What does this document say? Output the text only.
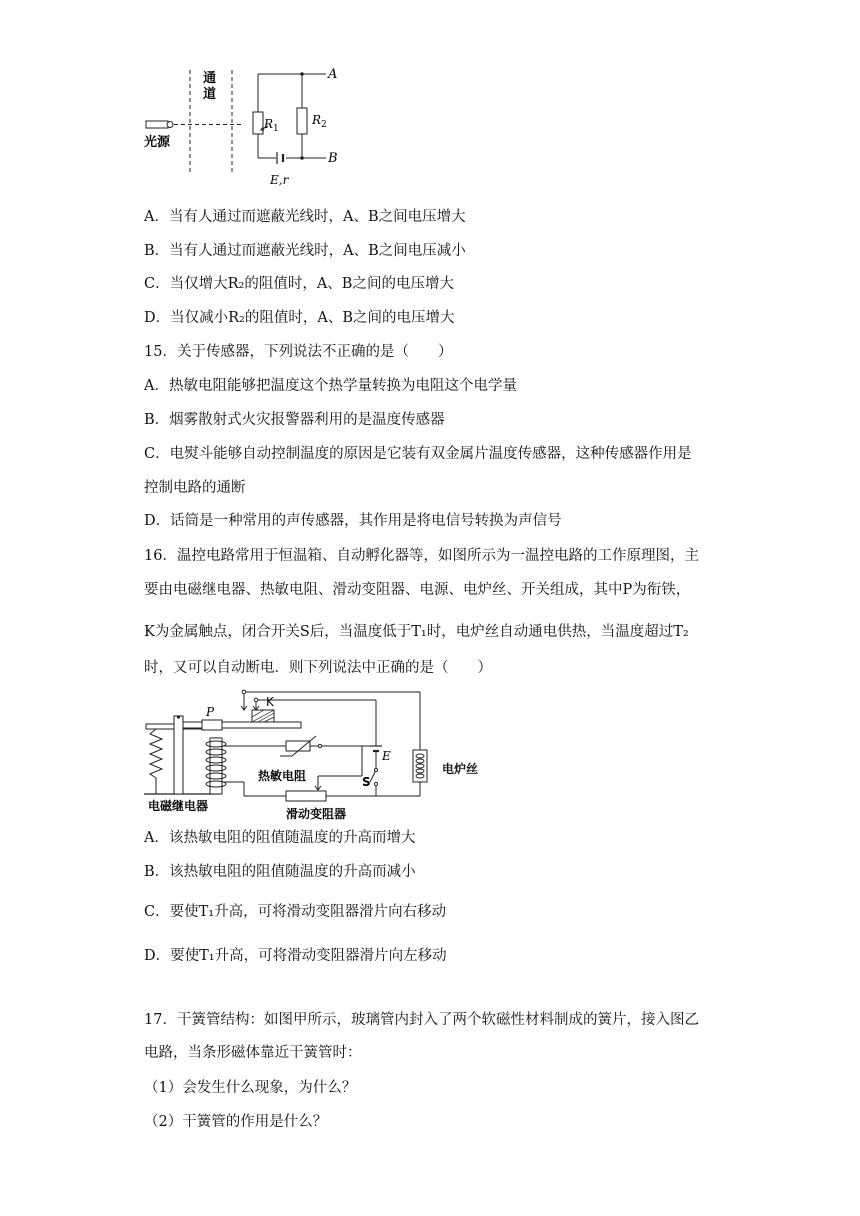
通
道
光源
$R_1$
$R_2$
E,r
A
B
A．当有人通过而遮蔽光线时，A、B之间电压增大
B．当有人通过而遮蔽光线时，A、B之间电压减小
C．当仅增大R₂的阻值时，A、B之间的电压增大
D．当仅减小R₂的阻值时，A、B之间的电压增大
15．关于传感器，下列说法不正确的是（　　）
A．热敏电阻能够把温度这个热学量转换为电阻这个电学量
B．烟雾散射式火灾报警器利用的是温度传感器
C．电熨斗能够自动控制温度的原因是它装有双金属片温度传感器，这种传感器作用是
控制电路的通断
D．话筒是一种常用的声传感器，其作用是将电信号转换为声信号
16．温控电路常用于恒温箱、自动孵化器等，如图所示为一温控电路的工作原理图，主
要由电磁继电器、热敏电阻、滑动变阻器、电源、电炉丝、开关组成，其中P为衔铁，
K为金属触点，闭合开关S后，当温度低于T₁时，电炉丝自动通电供热，当温度超过T₂
时，又可以自动断电．则下列说法中正确的是（　　）
P
K
E
S
热敏电阻
滑动变阻器
电磁继电器
电炉丝
A．该热敏电阻的阻值随温度的升高而增大
B．该热敏电阻的阻值随温度的升高而减小
C．要使T₁升高，可将滑动变阻器滑片向右移动
D．要使T₁升高，可将滑动变阻器滑片向左移动
17．干簧管结构：如图甲所示，玻璃管内封入了两个软磁性材料制成的簧片，接入图乙
电路，当条形磁体靠近干簧管时：
（1）会发生什么现象，为什么？
（2）干簧管的作用是什么？
